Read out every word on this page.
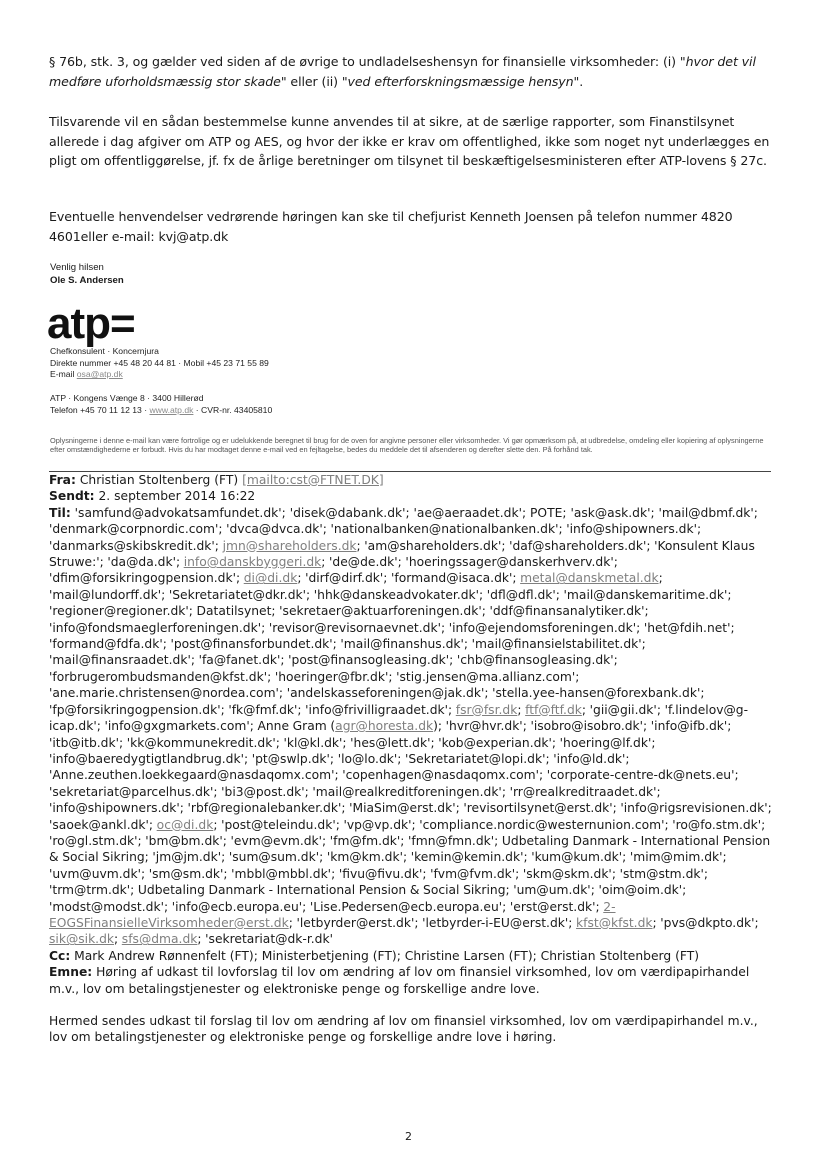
§ 76b, stk. 3, og gælder ved siden af de øvrige to undladelseshensyn for finansielle virksomheder: (i) "hvor det vil medføre uforholdsmæssig stor skade" eller (ii) "ved efterforskningsmæssige hensyn".

Tilsvarende vil en sådan bestemmelse kunne anvendes til at sikre, at de særlige rapporter, som Finanstilsynet allerede i dag afgiver om ATP og AES, og hvor der ikke er krav om offentlighed, ikke som noget nyt underlægges en pligt om offentliggørelse, jf. fx de årlige beretninger om tilsynet til beskæftigelsesministeren efter ATP-lovens § 27c.

Eventuelle henvendelser vedrørende høringen kan ske til chefjurist Kenneth Joensen på telefon nummer 4820 4601eller e-mail: kvj@atp.dk

Venlig hilsen
Ole S. Andersen

atp=

Chefkonsulent · Koncernjura
Direkte nummer +45 48 20 44 81 · Mobil +45 23 71 55 89
E-mail osa@atp.dk

ATP · Kongens Vænge 8 · 3400 Hillerød
Telefon +45 70 11 12 13 · www.atp.dk · CVR-nr. 43405810

Oplysningerne i denne e-mail kan være fortrolige og er udelukkende beregnet til brug for de oven for angivne personer eller virksomheder. Vi gør opmærksom på, at udbredelse, omdeling eller kopiering af oplysningerne efter omstændighederne er forbudt. Hvis du har modtaget denne e-mail ved en fejltagelse, bedes du meddele det til afsenderen og derefter slette den. På forhånd tak.

Fra: Christian Stoltenberg (FT) [mailto:cst@FTNET.DK]
Sendt: 2. september 2014 16:22
Til: 'samfund@advokatsamfundet.dk'; 'disek@dabank.dk'; 'ae@aeraadet.dk'; POTE; 'ask@ask.dk'; 'mail@dbmf.dk';
'denmark@corpnordic.com'; 'dvca@dvca.dk'; 'nationalbanken@nationalbanken.dk'; 'info@shipowners.dk';
'danmarks@skibskredit.dk'; jmn@shareholders.dk; 'am@shareholders.dk'; 'daf@shareholders.dk'; 'Konsulent Klaus
Struwe:'; 'da@da.dk'; info@danskbyggeri.dk; 'de@de.dk'; 'hoeringssager@danskerhverv.dk';
'dfim@forsikringogpension.dk'; di@di.dk; 'dirf@dirf.dk'; 'formand@isaca.dk'; metal@danskmetal.dk;
'mail@lundorff.dk'; 'Sekretariatet@dkr.dk'; 'hhk@danskeadvokater.dk'; 'dfl@dfl.dk'; 'mail@danskemaritime.dk';
'regioner@regioner.dk'; Datatilsynet; 'sekretaer@aktuarforeningen.dk'; 'ddf@finansanalytiker.dk';
'info@fondsmaeglerforeningen.dk'; 'revisor@revisornaevnet.dk'; 'info@ejendomsforeningen.dk'; 'het@fdih.net';
'formand@fdfa.dk'; 'post@finansforbundet.dk'; 'mail@finanshus.dk'; 'mail@finansielstabilitet.dk';
'mail@finansraadet.dk'; 'fa@fanet.dk'; 'post@finansogleasing.dk'; 'chb@finansogleasing.dk';
'forbrugerombudsmanden@kfst.dk'; 'hoeringer@fbr.dk'; 'stig.jensen@ma.allianz.com';
'ane.marie.christensen@nordea.com'; 'andelskasseforeningen@jak.dk'; 'stella.yee-hansen@forexbank.dk';
'fp@forsikringogpension.dk'; 'fk@fmf.dk'; 'info@frivilligraadet.dk'; fsr@fsr.dk; ftf@ftf.dk; 'gii@gii.dk'; 'f.lindelov@g-
icap.dk'; 'info@gxgmarkets.com'; Anne Gram (agr@horesta.dk); 'hvr@hvr.dk'; 'isobro@isobro.dk'; 'info@ifb.dk';
'itb@itb.dk'; 'kk@kommunekredit.dk'; 'kl@kl.dk'; 'hes@lett.dk'; 'kob@experian.dk'; 'hoering@lf.dk';
'info@baeredygtigtlandbrug.dk'; 'pt@swlp.dk'; 'lo@lo.dk'; 'Sekretariatet@lopi.dk'; 'info@ld.dk';
'Anne.zeuthen.loekkegaard@nasdaqomx.com'; 'copenhagen@nasdaqomx.com'; 'corporate-centre-dk@nets.eu';
'sekretariat@parcelhus.dk'; 'bi3@post.dk'; 'mail@realkreditforeningen.dk'; 'rr@realkreditraadet.dk';
'info@shipowners.dk'; 'rbf@regionalebanker.dk'; 'MiaSim@erst.dk'; 'revisortilsynet@erst.dk'; 'info@rigsrevisionen.dk';
'saoek@ankl.dk'; oc@di.dk; 'post@teleindu.dk'; 'vp@vp.dk'; 'compliance.nordic@westernunion.com'; 'ro@fo.stm.dk';
'ro@gl.stm.dk'; 'bm@bm.dk'; 'evm@evm.dk'; 'fm@fm.dk'; 'fmn@fmn.dk'; Udbetaling Danmark - International Pension
& Social Sikring; 'jm@jm.dk'; 'sum@sum.dk'; 'km@km.dk'; 'kemin@kemin.dk'; 'kum@kum.dk'; 'mim@mim.dk';
'uvm@uvm.dk'; 'sm@sm.dk'; 'mbbl@mbbl.dk'; 'fivu@fivu.dk'; 'fvm@fvm.dk'; 'skm@skm.dk'; 'stm@stm.dk';
'trm@trm.dk'; Udbetaling Danmark - International Pension & Social Sikring; 'um@um.dk'; 'oim@oim.dk';
'modst@modst.dk'; 'info@ecb.europa.eu'; 'Lise.Pedersen@ecb.europa.eu'; 'erst@erst.dk'; 2-
EOGSFinansielleVirksomheder@erst.dk; 'letbyrder@erst.dk'; 'letbyrder-i-EU@erst.dk'; kfst@kfst.dk; 'pvs@dkpto.dk';
sik@sik.dk; sfs@dma.dk; 'sekretariat@dk-r.dk'
Cc: Mark Andrew Rønnenfelt (FT); Ministerbetjening (FT); Christine Larsen (FT); Christian Stoltenberg (FT)
Emne: Høring af udkast til lovforslag til lov om ændring af lov om finansiel virksomhed, lov om værdipapirhandel m.v., lov om betalingstjenester og elektroniske penge og forskellige andre love.
Hermed sendes udkast til forslag til lov om ændring af lov om finansiel virksomhed, lov om værdipapirhandel m.v., lov om betalingstjenester og elektroniske penge og forskellige andre love i høring.
2
